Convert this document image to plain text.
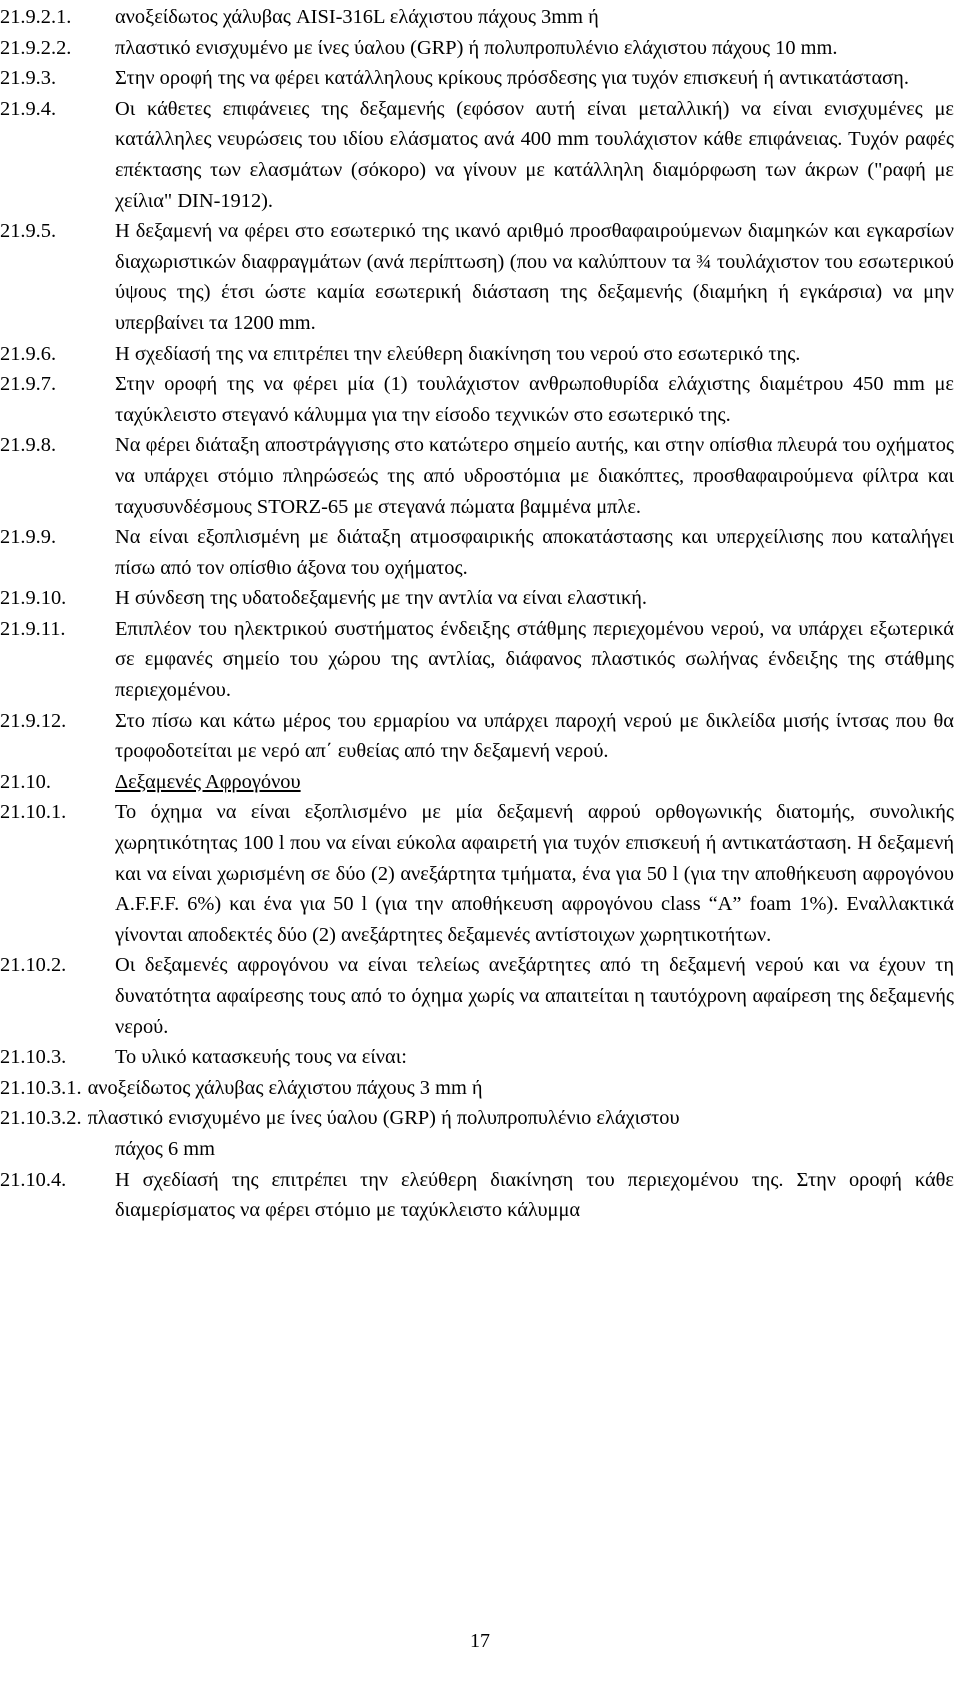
21.9.2.1.	ανοξείδωτος χάλυβας AISI-316L ελάχιστου πάχους 3mm ή
21.9.2.2.	πλαστικό ενισχυμένο με ίνες ύαλου (GRP) ή πολυπροπυλένιο ελάχιστου πάχους 10 mm.
21.9.3.	Στην οροφή της να φέρει κατάλληλους κρίκους πρόσδεσης για τυχόν επισκευή ή αντικατάσταση.
21.9.4.	Οι κάθετες επιφάνειες της δεξαμενής (εφόσον αυτή είναι μεταλλική) να είναι ενισχυμένες με κατάλληλες νευρώσεις του ιδίου ελάσματος ανά 400 mm τουλάχιστον κάθε επιφάνειας. Τυχόν ραφές επέκτασης των ελασμάτων (σόκορο) να γίνουν με κατάλληλη διαμόρφωση των άκρων ("ραφή με χείλια" DIN-1912).
21.9.5.	Η δεξαμενή να φέρει στο εσωτερικό της ικανό αριθμό προσθαφαιρούμενων διαμηκών και εγκαρσίων διαχωριστικών διαφραγμάτων (ανά περίπτωση) (που να καλύπτουν τα ¾ τουλάχιστον του εσωτερικού ύψους της) έτσι ώστε καμία εσωτερική διάσταση της δεξαμενής (διαμήκη ή εγκάρσια) να μην υπερβαίνει τα 1200 mm.
21.9.6.	Η σχεδίασή της να επιτρέπει την ελεύθερη διακίνηση του νερού στο εσωτερικό της.
21.9.7.	Στην οροφή της να φέρει μία (1) τουλάχιστον ανθρωποθυρίδα ελάχιστης διαμέτρου 450 mm με ταχύκλειστο στεγανό κάλυμμα για την είσοδο τεχνικών στο εσωτερικό της.
21.9.8.	Να φέρει διάταξη αποστράγγισης στο κατώτερο σημείο αυτής, και στην οπίσθια πλευρά του οχήματος να υπάρχει στόμιο πληρώσεώς της από υδροστόμια με διακόπτες, προσθαφαιρούμενα φίλτρα και ταχυσυνδέσμους STORZ-65 με στεγανά πώματα βαμμένα μπλε.
21.9.9.	Να είναι εξοπλισμένη με διάταξη ατμοσφαιρικής αποκατάστασης και υπερχείλισης που καταλήγει πίσω από τον οπίσθιο άξονα του οχήματος.
21.9.10.	Η σύνδεση της υδατοδεξαμενής με την αντλία να είναι ελαστική.
21.9.11.	Επιπλέον του ηλεκτρικού συστήματος ένδειξης στάθμης περιεχομένου νερού, να υπάρχει εξωτερικά σε εμφανές σημείο του χώρου της αντλίας, διάφανος πλαστικός σωλήνας ένδειξης της στάθμης περιεχομένου.
21.9.12.	Στο πίσω και κάτω μέρος του ερμαρίου να υπάρχει παροχή νερού με δικλείδα μισής ίντσας που θα τροφοδοτείται με νερό απ΄ ευθείας από την δεξαμενή νερού.
21.10.	Δεξαμενές Αφρογόνου
21.10.1.	Το όχημα να είναι εξοπλισμένο με μία δεξαμενή αφρού ορθογωνικής διατομής, συνολικής χωρητικότητας 100 l που να είναι εύκολα αφαιρετή για τυχόν επισκευή ή αντικατάσταση. Η δεξαμενή και να είναι χωρισμένη σε δύο (2) ανεξάρτητα τμήματα, ένα για 50 l (για την αποθήκευση αφρογόνου A.F.F.F. 6%) και ένα για 50 l (για την αποθήκευση αφρογόνου class “A” foam 1%). Εναλλακτικά γίνονται αποδεκτές δύο (2) ανεξάρτητες δεξαμενές αντίστοιχων χωρητικοτήτων.
21.10.2.	Οι δεξαμενές αφρογόνου να είναι τελείως ανεξάρτητες από τη δεξαμενή νερού και να έχουν τη δυνατότητα αφαίρεσης τους από το όχημα χωρίς να απαιτείται η ταυτόχρονη αφαίρεση της δεξαμενής νερού.
21.10.3.	Το υλικό κατασκευής τους να είναι:
21.10.3.1. ανοξείδωτος χάλυβας ελάχιστου πάχους 3 mm ή
21.10.3.2. πλαστικό ενισχυμένο με ίνες ύαλου (GRP) ή πολυπροπυλένιο ελάχιστου
πάχος 6 mm
21.10.4.	Η σχεδίασή της επιτρέπει την ελεύθερη διακίνηση του περιεχομένου της. Στην οροφή κάθε διαμερίσματος να φέρει στόμιο με ταχύκλειστο κάλυμμα
17
